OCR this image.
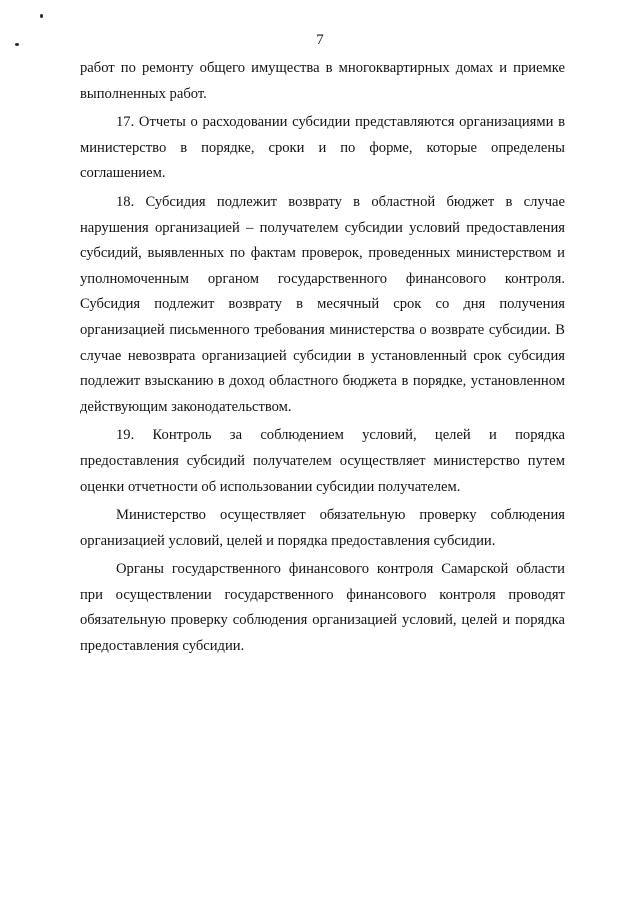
7

работ по ремонту общего имущества в многоквартирных домах и приемке выполненных работ.

17. Отчеты о расходовании субсидии представляются организациями в министерство в порядке, сроки и по форме, которые определены соглашением.

18. Субсидия подлежит возврату в областной бюджет в случае нарушения организацией – получателем субсидии условий предоставления субсидий, выявленных по фактам проверок, проведенных министерством и уполномоченным органом государственного финансового контроля. Субсидия подлежит возврату в месячный срок со дня получения организацией письменного требования министерства о возврате субсидии. В случае невозврата организацией субсидии в установленный срок субсидия подлежит взысканию в доход областного бюджета в порядке, установленном действующим законодательством.

19. Контроль за соблюдением условий, целей и порядка предоставления субсидий получателем осуществляет министерство путем оценки отчетности об использовании субсидии получателем.

Министерство осуществляет обязательную проверку соблюдения организацией условий, целей и порядка предоставления субсидии.

Органы государственного финансового контроля Самарской области при осуществлении государственного финансового контроля проводят обязательную проверку соблюдения организацией условий, целей и порядка предоставления субсидии.
